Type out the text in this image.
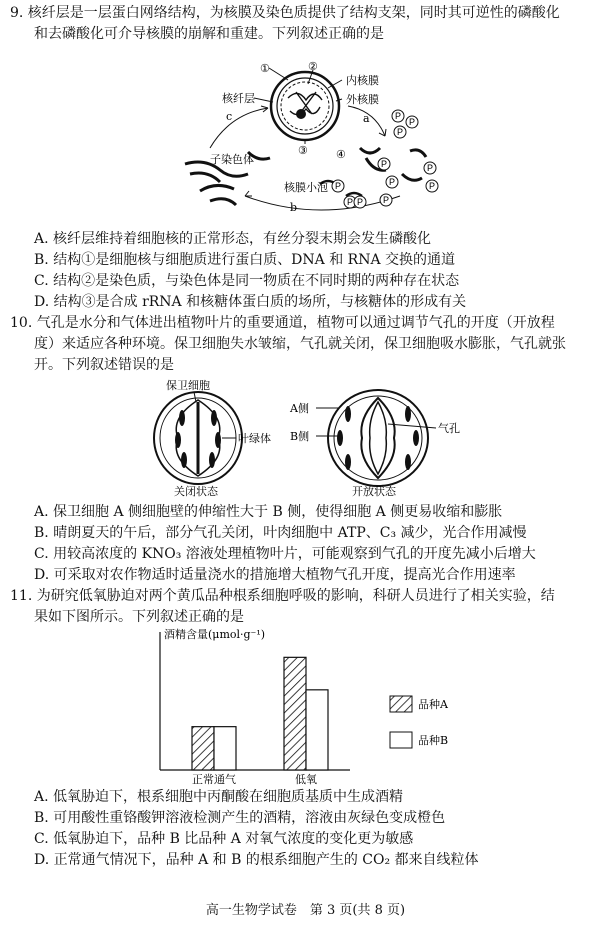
9. 核纤层是一层蛋白网络结构，为核膜及染色质提供了结构支架，同时其可逆性的磷酸化
和去磷酸化可介导核膜的崩解和重建。下列叙述正确的是
P
P
P
P
P
P
P
P
P
P P
①	②
内核膜
外核膜
核纤层
③	④
子染色体
核膜小泡
a
b
c
A. 核纤层维持着细胞核的正常形态，有丝分裂末期会发生磷酸化
B. 结构①是细胞核与细胞质进行蛋白质、DNA 和 RNA 交换的通道
C. 结构②是染色质，与染色体是同一物质在不同时期的两种存在状态
D. 结构③是合成 rRNA 和核糖体蛋白质的场所，与核糖体的形成有关
10. 气孔是水分和气体进出植物叶片的重要通道，植物可以通过调节气孔的开度（开放程
度）来适应各种环境。保卫细胞失水皱缩，气孔就关闭，保卫细胞吸水膨胀，气孔就张
开。下列叙述错误的是
保卫细胞
叶绿体
关闭状态
A侧
B侧
气孔
开放状态
A. 保卫细胞 A 侧细胞壁的伸缩性大于 B 侧，使得细胞 A 侧更易收缩和膨胀
B. 晴朗夏天的午后，部分气孔关闭，叶肉细胞中 ATP、C₃ 减少，光合作用减慢
C. 用较高浓度的 KNO₃ 溶液处理植物叶片，可能观察到气孔的开度先减小后增大
D. 可采取对农作物适时适量浇水的措施增大植物气孔开度，提高光合作用速率
11. 为研究低氧胁迫对两个黄瓜品种根系细胞呼吸的影响，科研人员进行了相关实验，结
果如下图所示。下列叙述正确的是
酒精含量(μmol·g⁻¹)
正常通气	低氧
品种A
品种B
A. 低氧胁迫下，根系细胞中丙酮酸在细胞质基质中生成酒精
B. 可用酸性重铬酸钾溶液检测产生的酒精，溶液由灰绿色变成橙色
C. 低氧胁迫下，品种 B 比品种 A 对氧气浓度的变化更为敏感
D. 正常通气情况下，品种 A 和 B 的根系细胞产生的 CO₂ 都来自线粒体
高一生物学试卷　第 3 页(共 8 页)
